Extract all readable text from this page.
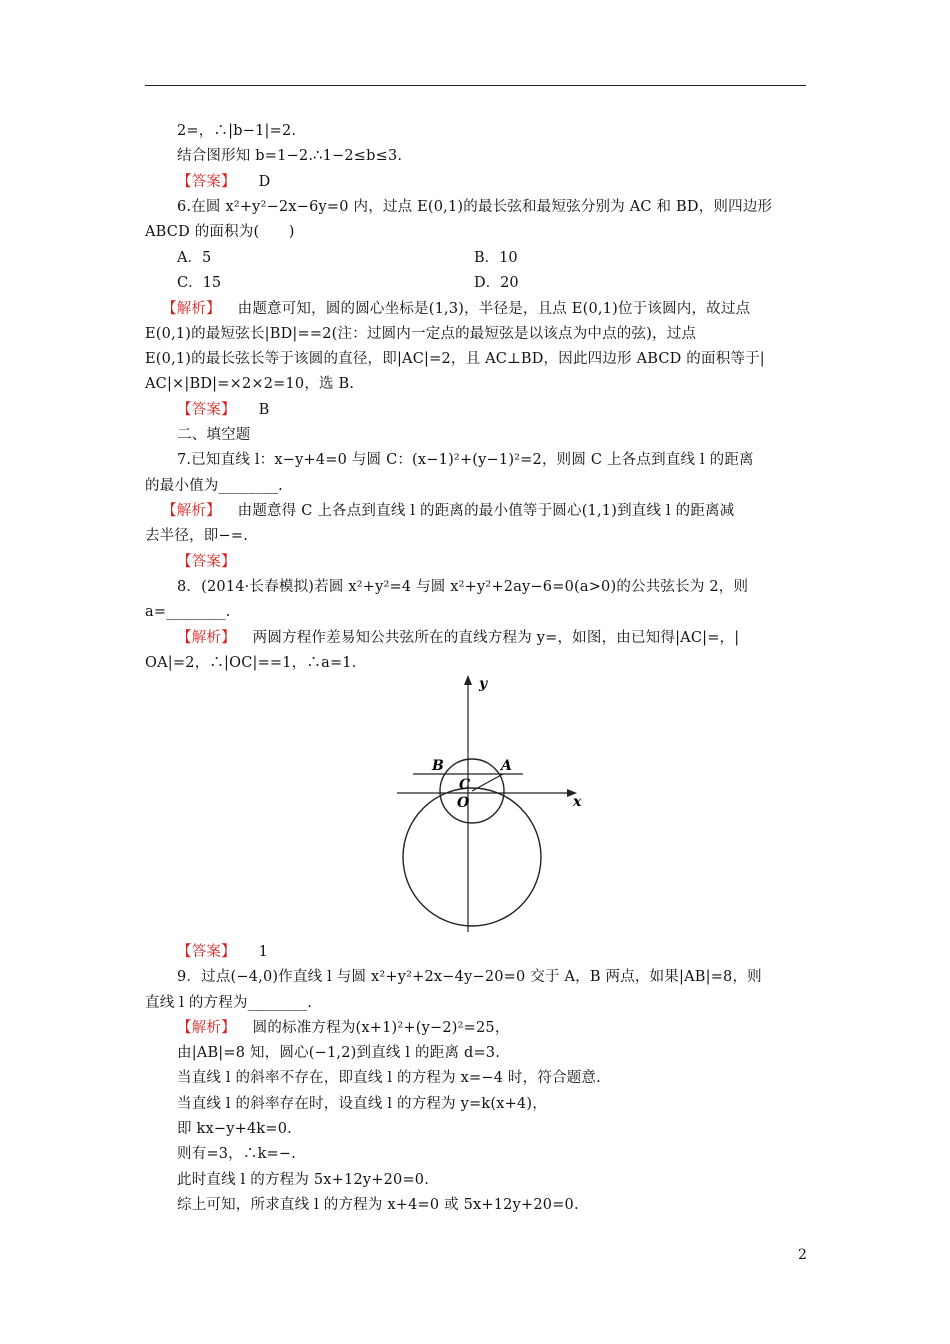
2=，∴|b−1|=2.
结合图形知 b=1−2.∴1−2≤b≤3.
【答案】 D
6.在圆 x²+y²−2x−6y=0 内，过点 E(0,1)的最长弦和最短弦分别为 AC 和 BD，则四边形
ABCD 的面积为(　　)
A．5	B．10
C．15	D．20
【解析】 由题意可知，圆的圆心坐标是(1,3)，半径是，且点 E(0,1)位于该圆内，故过点
E(0,1)的最短弦长|BD|==2(注：过圆内一定点的最短弦是以该点为中点的弦)，过点
E(0,1)的最长弦长等于该圆的直径，即|AC|=2，且 AC⊥BD，因此四边形 ABCD 的面积等于|
AC|×|BD|=×2×2=10，选 B.
【答案】 B
二、填空题
7.已知直线 l：x−y+4=0 与圆 C：(x−1)²+(y−1)²=2，则圆 C 上各点到直线 l 的距离
的最小值为________.
【解析】 由题意得 C 上各点到直线 l 的距离的最小值等于圆心(1,1)到直线 l 的距离减
去半径，即−=.
【答案】
8．(2014·长春模拟)若圆 x²+y²=4 与圆 x²+y²+2ay−6=0(a>0)的公共弦长为 2，则
a=________.
【解析】 两圆方程作差易知公共弦所在的直线方程为 y=，如图，由已知得|AC|=，|
OA|=2，∴|OC|==1，∴a=1.
y
x
B	A
C
O
【答案】 1
9．过点(−4,0)作直线 l 与圆 x²+y²+2x−4y−20=0 交于 A，B 两点，如果|AB|=8，则
直线 l 的方程为________.
【解析】 圆的标准方程为(x+1)²+(y−2)²=25，
由|AB|=8 知，圆心(−1,2)到直线 l 的距离 d=3.
当直线 l 的斜率不存在，即直线 l 的方程为 x=−4 时，符合题意.
当直线 l 的斜率存在时，设直线 l 的方程为 y=k(x+4)，
即 kx−y+4k=0.
则有=3，∴k=−.
此时直线 l 的方程为 5x+12y+20=0.
综上可知，所求直线 l 的方程为 x+4=0 或 5x+12y+20=0.
2
